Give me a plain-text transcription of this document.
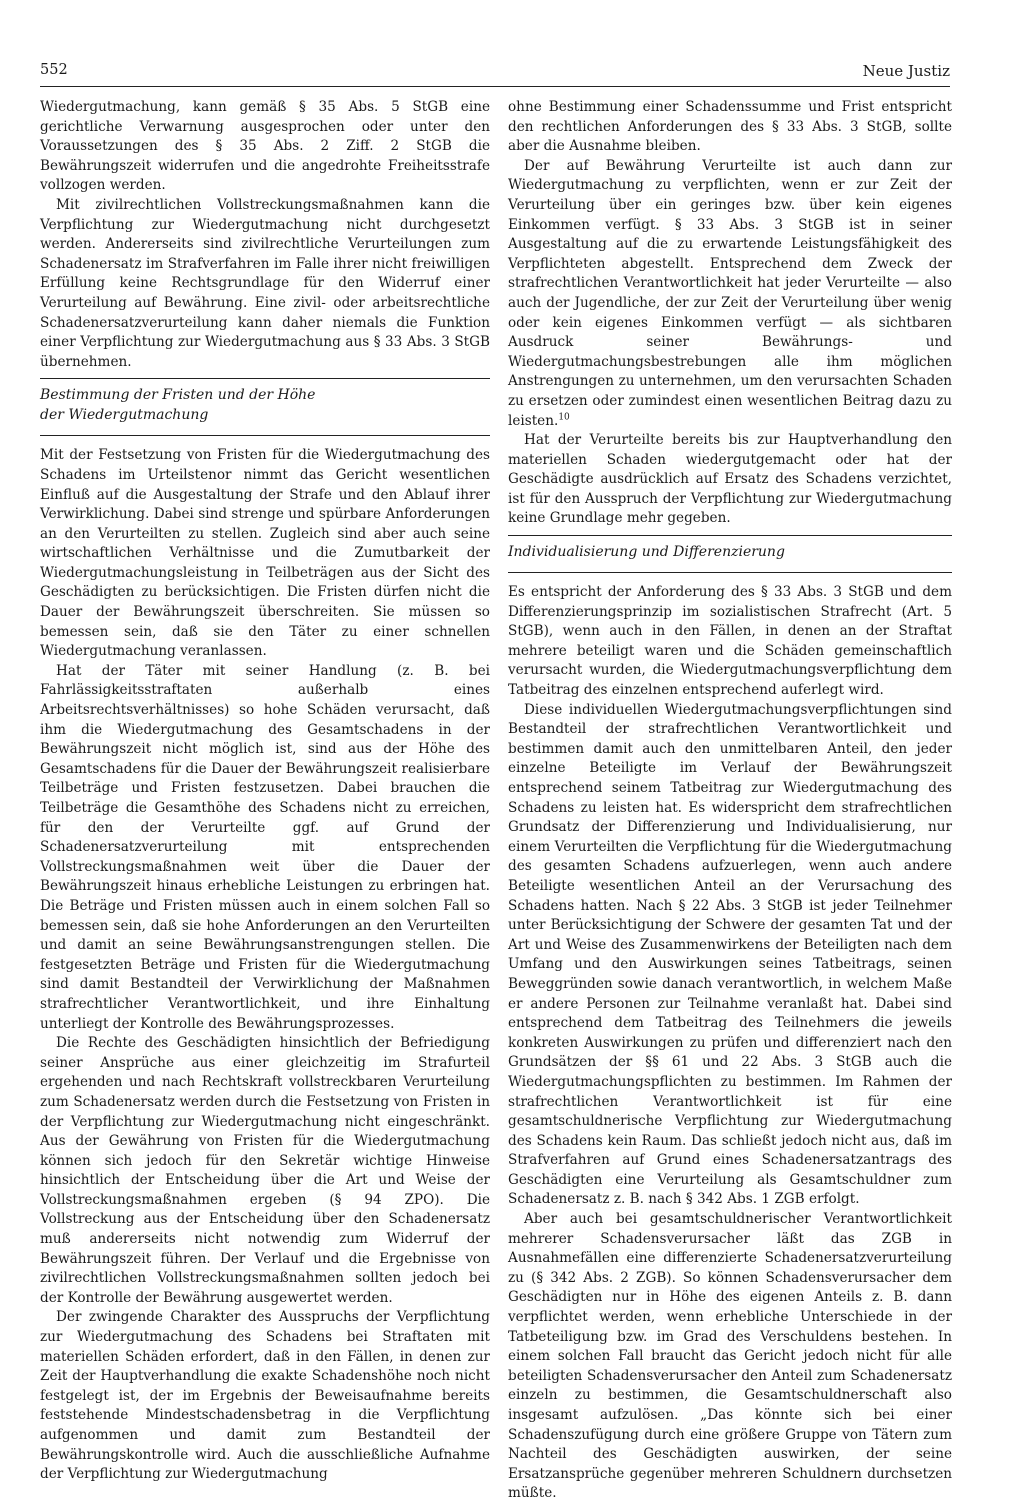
552	Neue Justiz

Wiedergutmachung, kann gemäß § 35 Abs. 5 StGB eine gerichtliche Verwarnung ausgesprochen oder unter den Voraussetzungen des § 35 Abs. 2 Ziff. 2 StGB die Bewährungszeit widerrufen und die angedrohte Freiheitsstrafe vollzogen werden.

Mit zivilrechtlichen Vollstreckungsmaßnahmen kann die Verpflichtung zur Wiedergutmachung nicht durchgesetzt werden. Andererseits sind zivilrechtliche Verurteilungen zum Schadenersatz im Strafverfahren im Falle ihrer nicht freiwilligen Erfüllung keine Rechtsgrundlage für den Widerruf einer Verurteilung auf Bewährung. Eine zivil- oder arbeitsrechtliche Schadenersatzverurteilung kann daher niemals die Funktion einer Verpflichtung zur Wiedergutmachung aus § 33 Abs. 3 StGB übernehmen.

Bestimmung der Fristen und der Höhe
der Wiedergutmachung

Mit der Festsetzung von Fristen für die Wiedergutmachung des Schadens im Urteilstenor nimmt das Gericht wesentlichen Einfluß auf die Ausgestaltung der Strafe und den Ablauf ihrer Verwirklichung. Dabei sind strenge und spürbare Anforderungen an den Verurteilten zu stellen. Zugleich sind aber auch seine wirtschaftlichen Verhältnisse und die Zumutbarkeit der Wiedergutmachungsleistung in Teilbeträgen aus der Sicht des Geschädigten zu berücksichtigen. Die Fristen dürfen nicht die Dauer der Bewährungszeit überschreiten. Sie müssen so bemessen sein, daß sie den Täter zu einer schnellen Wiedergutmachung veranlassen.

Hat der Täter mit seiner Handlung (z. B. bei Fahrlässigkeitsstraftaten außerhalb eines Arbeitsrechtsverhältnisses) so hohe Schäden verursacht, daß ihm die Wiedergutmachung des Gesamtschadens in der Bewährungszeit nicht möglich ist, sind aus der Höhe des Gesamtschadens für die Dauer der Bewährungszeit realisierbare Teilbeträge und Fristen festzusetzen. Dabei brauchen die Teilbeträge die Gesamthöhe des Schadens nicht zu erreichen, für den der Verurteilte ggf. auf Grund der Schadenersatzverurteilung mit entsprechenden Vollstreckungsmaßnahmen weit über die Dauer der Bewährungszeit hinaus erhebliche Leistungen zu erbringen hat. Die Beträge und Fristen müssen auch in einem solchen Fall so bemessen sein, daß sie hohe Anforderungen an den Verurteilten und damit an seine Bewährungsanstrengungen stellen. Die festgesetzten Beträge und Fristen für die Wiedergutmachung sind damit Bestandteil der Verwirklichung der Maßnahmen strafrechtlicher Verantwortlichkeit, und ihre Einhaltung unterliegt der Kontrolle des Bewährungsprozesses.

Die Rechte des Geschädigten hinsichtlich der Befriedigung seiner Ansprüche aus einer gleichzeitig im Strafurteil ergehenden und nach Rechtskraft vollstreckbaren Verurteilung zum Schadenersatz werden durch die Festsetzung von Fristen in der Verpflichtung zur Wiedergutmachung nicht eingeschränkt. Aus der Gewährung von Fristen für die Wiedergutmachung können sich jedoch für den Sekretär wichtige Hinweise hinsichtlich der Entscheidung über die Art und Weise der Vollstreckungsmaßnahmen ergeben (§ 94 ZPO). Die Vollstreckung aus der Entscheidung über den Schadenersatz muß andererseits nicht notwendig zum Widerruf der Bewährungszeit führen. Der Verlauf und die Ergebnisse von zivilrechtlichen Vollstreckungsmaßnahmen sollten jedoch bei der Kontrolle der Bewährung ausgewertet werden.

Der zwingende Charakter des Ausspruchs der Verpflichtung zur Wiedergutmachung des Schadens bei Straftaten mit materiellen Schäden erfordert, daß in den Fällen, in denen zur Zeit der Hauptverhandlung die exakte Schadenshöhe noch nicht festgelegt ist, der im Ergebnis der Beweisaufnahme bereits feststehende Mindestschadensbetrag in die Verpflichtung aufgenommen und damit zum Bestandteil der Bewährungskontrolle wird. Auch die ausschließliche Aufnahme der Verpflichtung zur Wiedergutmachung

ohne Bestimmung einer Schadenssumme und Frist entspricht den rechtlichen Anforderungen des § 33 Abs. 3 StGB, sollte aber die Ausnahme bleiben.

Der auf Bewährung Verurteilte ist auch dann zur Wiedergutmachung zu verpflichten, wenn er zur Zeit der Verurteilung über ein geringes bzw. über kein eigenes Einkommen verfügt. § 33 Abs. 3 StGB ist in seiner Ausgestaltung auf die zu erwartende Leistungsfähigkeit des Verpflichteten abgestellt. Entsprechend dem Zweck der strafrechtlichen Verantwortlichkeit hat jeder Verurteilte — also auch der Jugendliche, der zur Zeit der Verurteilung über wenig oder kein eigenes Einkommen verfügt — als sichtbaren Ausdruck seiner Bewährungs- und Wiedergutmachungsbestrebungen alle ihm möglichen Anstrengungen zu unternehmen, um den verursachten Schaden zu ersetzen oder zumindest einen wesentlichen Beitrag dazu zu leisten.$^{10}$

Hat der Verurteilte bereits bis zur Hauptverhandlung den materiellen Schaden wiedergutgemacht oder hat der Geschädigte ausdrücklich auf Ersatz des Schadens verzichtet, ist für den Ausspruch der Verpflichtung zur Wiedergutmachung keine Grundlage mehr gegeben.

Individualisierung und Differenzierung

Es entspricht der Anforderung des § 33 Abs. 3 StGB und dem Differenzierungsprinzip im sozialistischen Strafrecht (Art. 5 StGB), wenn auch in den Fällen, in denen an der Straftat mehrere beteiligt waren und die Schäden gemeinschaftlich verursacht wurden, die Wiedergutmachungsverpflichtung dem Tatbeitrag des einzelnen entsprechend auferlegt wird.

Diese individuellen Wiedergutmachungsverpflichtungen sind Bestandteil der strafrechtlichen Verantwortlichkeit und bestimmen damit auch den unmittelbaren Anteil, den jeder einzelne Beteiligte im Verlauf der Bewährungszeit entsprechend seinem Tatbeitrag zur Wiedergutmachung des Schadens zu leisten hat. Es widerspricht dem strafrechtlichen Grundsatz der Differenzierung und Individualisierung, nur einem Verurteilten die Verpflichtung für die Wiedergutmachung des gesamten Schadens aufzuerlegen, wenn auch andere Beteiligte wesentlichen Anteil an der Verursachung des Schadens hatten. Nach § 22 Abs. 3 StGB ist jeder Teilnehmer unter Berücksichtigung der Schwere der gesamten Tat und der Art und Weise des Zusammenwirkens der Beteiligten nach dem Umfang und den Auswirkungen seines Tatbeitrags, seinen Beweggründen sowie danach verantwortlich, in welchem Maße er andere Personen zur Teilnahme veranlaßt hat. Dabei sind entsprechend dem Tatbeitrag des Teilnehmers die jeweils konkreten Auswirkungen zu prüfen und differenziert nach den Grundsätzen der §§ 61 und 22 Abs. 3 StGB auch die Wiedergutmachungspflichten zu bestimmen. Im Rahmen der strafrechtlichen Verantwortlichkeit ist für eine gesamtschuldnerische Verpflichtung zur Wiedergutmachung des Schadens kein Raum. Das schließt jedoch nicht aus, daß im Strafverfahren auf Grund eines Schadenersatzantrags des Geschädigten eine Verurteilung als Gesamtschuldner zum Schadenersatz z. B. nach § 342 Abs. 1 ZGB erfolgt.

Aber auch bei gesamtschuldnerischer Verantwortlichkeit mehrerer Schadensverursacher läßt das ZGB in Ausnahmefällen eine differenzierte Schadenersatzverurteilung zu (§ 342 Abs. 2 ZGB). So können Schadensverursacher dem Geschädigten nur in Höhe des eigenen Anteils z. B. dann verpflichtet werden, wenn erhebliche Unterschiede in der Tatbeteiligung bzw. im Grad des Verschuldens bestehen. In einem solchen Fall braucht das Gericht jedoch nicht für alle beteiligten Schadensverursacher den Anteil zum Schadenersatz einzeln zu bestimmen, die Gesamtschuldnerschaft also insgesamt aufzulösen. „Das könnte sich bei einer Schadenszufügung durch eine größere Gruppe von Tätern zum Nachteil des Geschädigten auswirken, der seine Ersatzansprüche gegenüber mehreren Schuldnern durchsetzen müßte.
